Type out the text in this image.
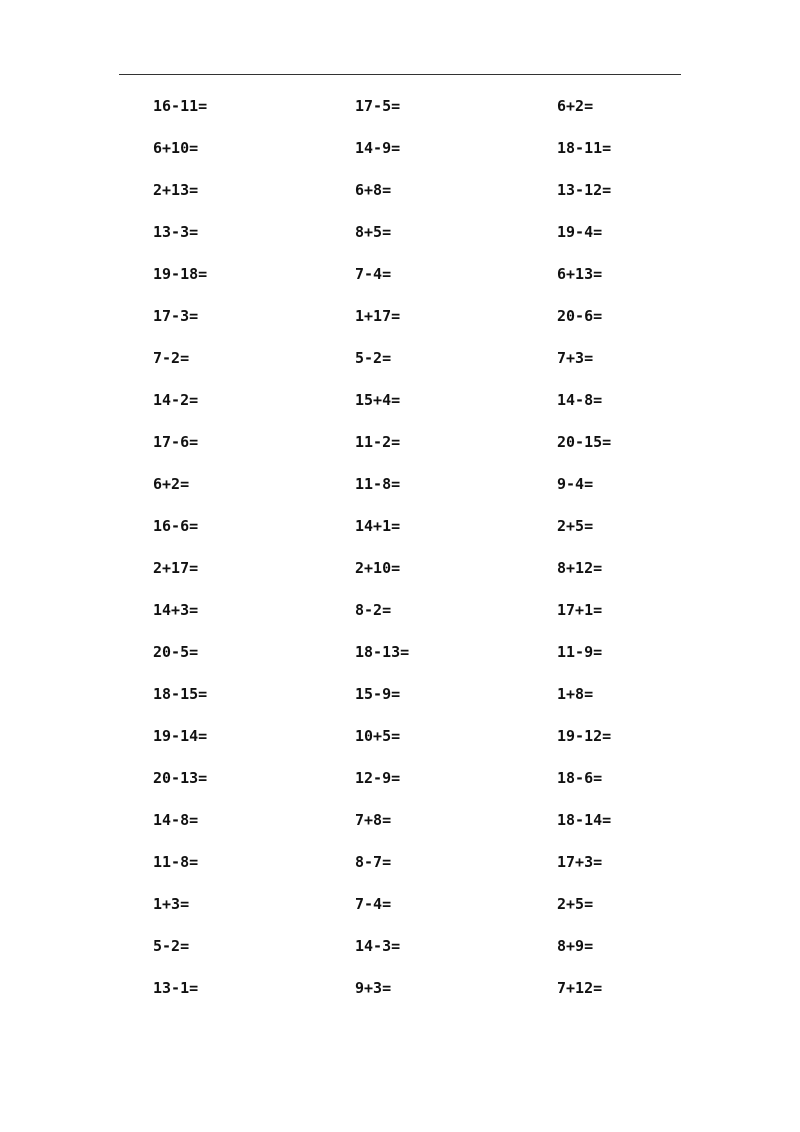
16-11=
6+10=
2+13=
13-3=
19-18=
17-3=
7-2=
14-2=
17-6=
6+2=
16-6=
2+17=
14+3=
20-5=
18-15=
19-14=
20-13=
14-8=
11-8=
1+3=
5-2=
13-1=
17-5=
14-9=
6+8=
8+5=
7-4=
1+17=
5-2=
15+4=
11-2=
11-8=
14+1=
2+10=
8-2=
18-13=
15-9=
10+5=
12-9=
7+8=
8-7=
7-4=
14-3=
9+3=
6+2=
18-11=
13-12=
19-4=
6+13=
20-6=
7+3=
14-8=
20-15=
9-4=
2+5=
8+12=
17+1=
11-9=
1+8=
19-12=
18-6=
18-14=
17+3=
2+5=
8+9=
7+12=
